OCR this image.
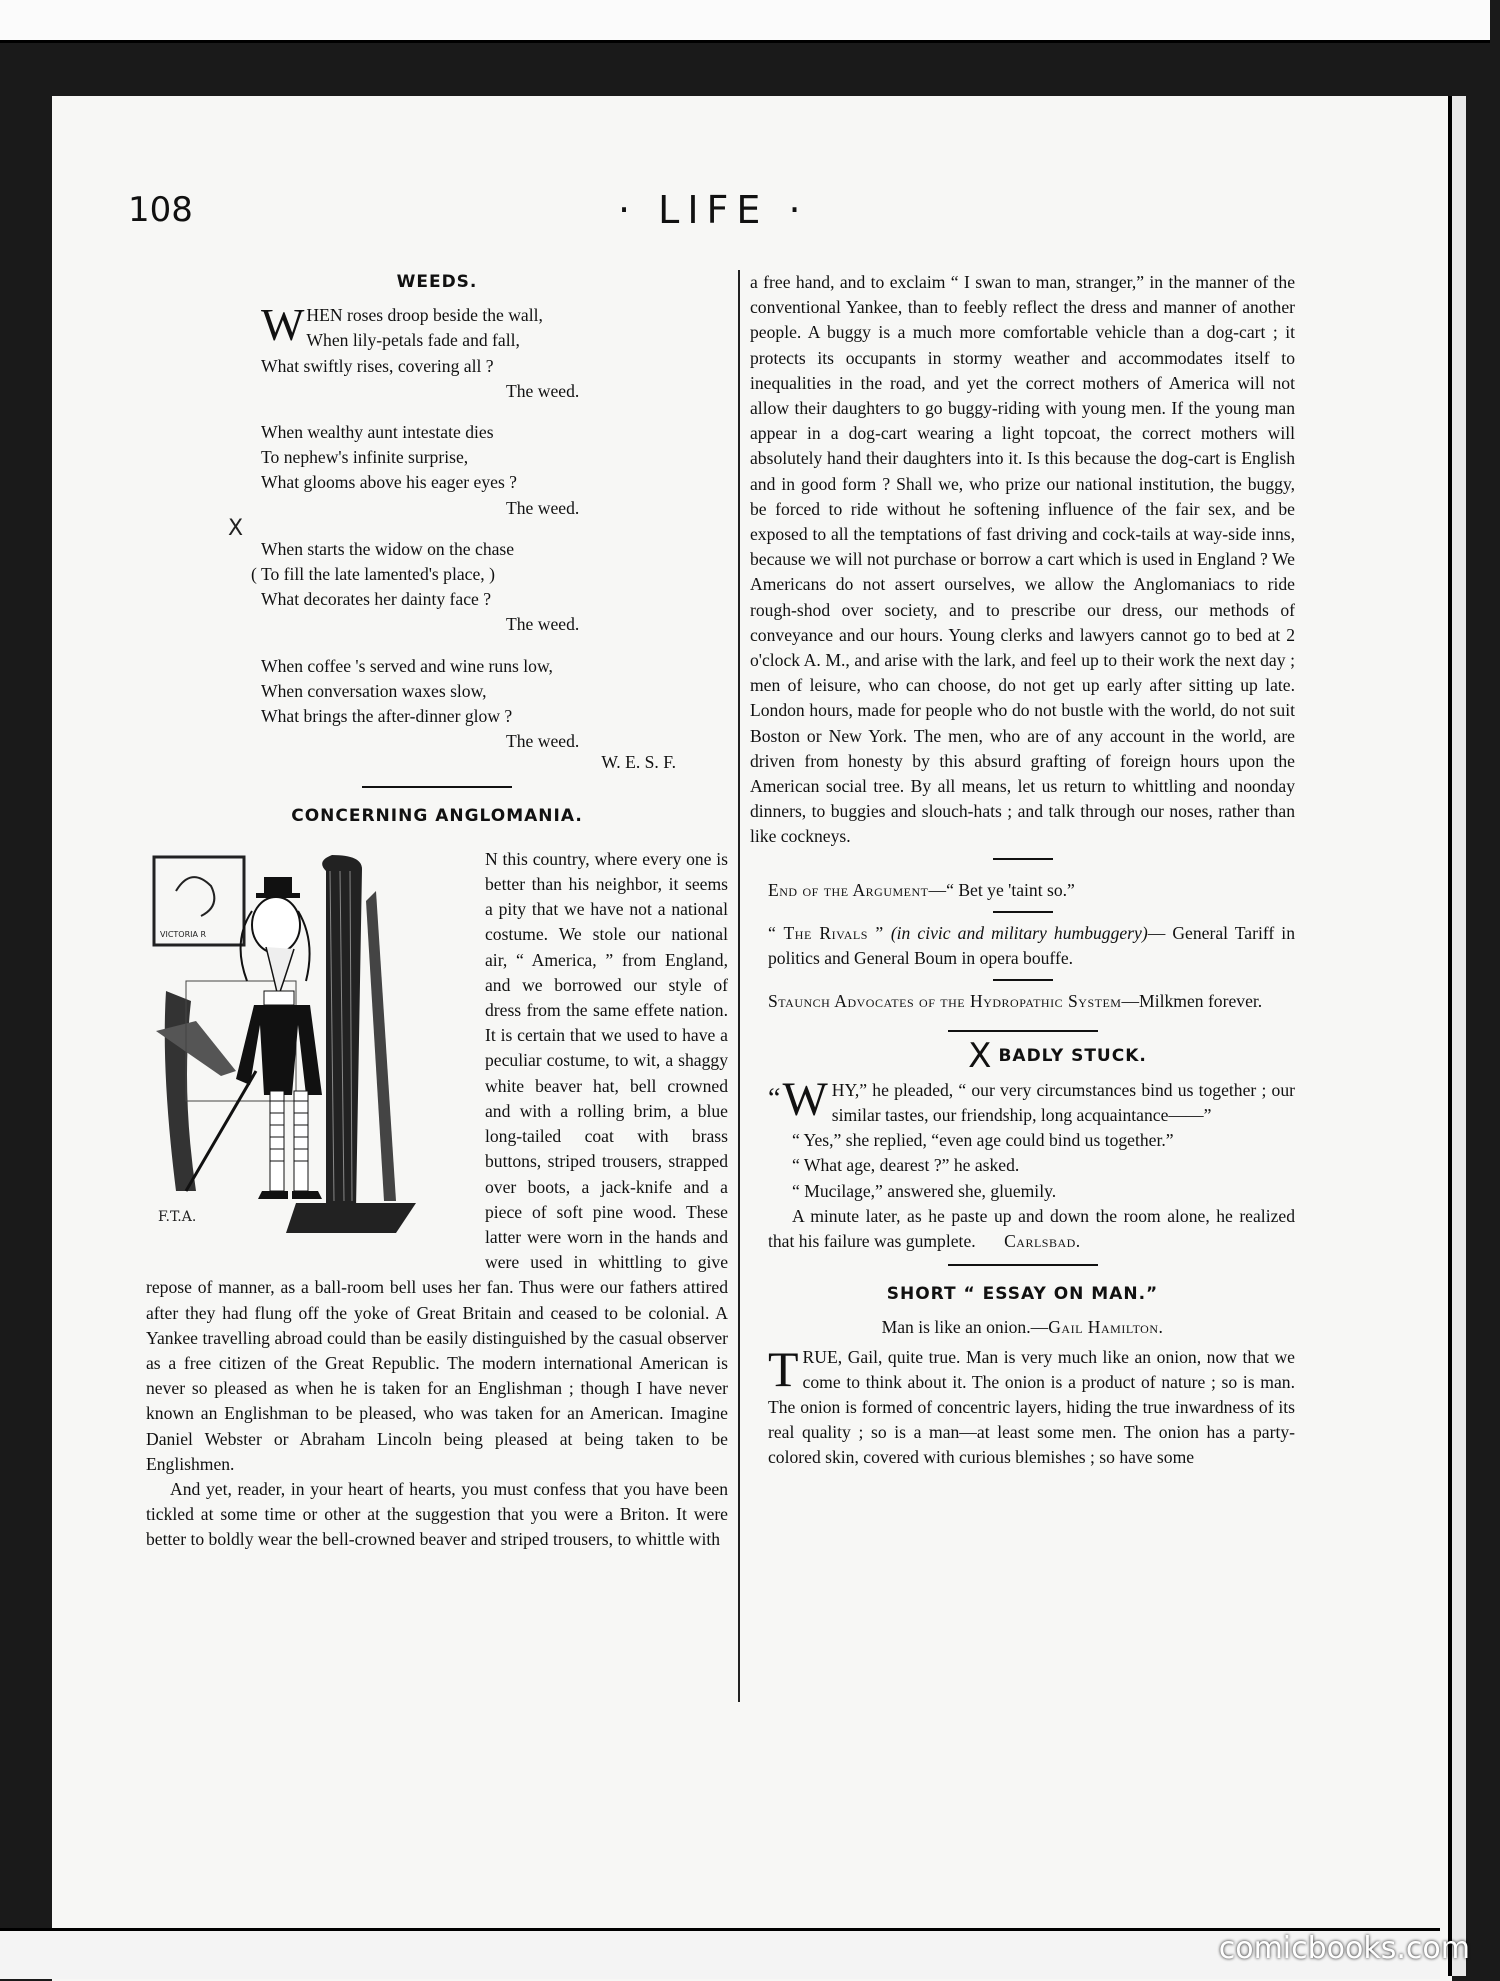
108	· LIFE ·
X
WEEDS.
W HEN roses droop beside the wall,
When lily-petals fade and fall,
What swiftly rises, covering all ?
The weed.
When wealthy aunt intestate dies
To nephew's infinite surprise,
What glooms above his eager eyes ?
The weed.
When starts the widow on the chase
( To fill the late lamented's place, )
What decorates her dainty face ?
The weed.
When coffee 's served and wine runs low,
When conversation waxes slow,
What brings the after-dinner glow ?
The weed.
W. E. S. F.
CONCERNING ANGLOMANIA.
VICTORIA R
F.T.A.
N this country, where every one is better than his neighbor, it seems a pity that we have not a national costume. We stole our national air, “ America, ” from England, and we borrowed our style of dress from the same effete nation. It is certain that we used to have a peculiar costume, to wit, a shaggy white beaver hat, bell crowned and with a rolling brim, a blue long-tailed coat with brass buttons, striped trousers, strapped over boots, a jack-knife and a piece of soft pine wood. These latter were worn in the hands and were used in whittling to give repose of manner, as a ball-room bell uses her fan. Thus were our fathers attired after they had flung off the yoke of Great Britain and ceased to be colonial. A Yankee travelling abroad could than be easily distinguished by the casual observer as a free citizen of the Great Republic. The modern international American is never so pleased as when he is taken for an Englishman ; though I have never known an Englishman to be pleased, who was taken for an American. Imagine Daniel Webster or Abraham Lincoln being pleased at being taken to be Englishmen.
And yet, reader, in your heart of hearts, you must confess that you have been tickled at some time or other at the suggestion that you were a Briton. It were better to boldly wear the bell-crowned beaver and striped trousers, to whittle with
a free hand, and to exclaim “ I swan to man, stranger,” in the manner of the conventional Yankee, than to feebly reflect the dress and manner of another people. A buggy is a much more comfortable vehicle than a dog-cart ; it protects its occupants in stormy weather and accommodates itself to inequalities in the road, and yet the correct mothers of America will not allow their daughters to go buggy-riding with young men. If the young man appear in a dog-cart wearing a light topcoat, the correct mothers will absolutely hand their daughters into it. Is this because the dog-cart is English and in good form ? Shall we, who prize our national institution, the buggy, be forced to ride without he softening influence of the fair sex, and be exposed to all the temptations of fast driving and cock-tails at way-side inns, because we will not purchase or borrow a cart which is used in England ? We Americans do not assert ourselves, we allow the Anglomaniacs to ride rough-shod over society, and to prescribe our dress, our methods of conveyance and our hours. Young clerks and lawyers cannot go to bed at 2 o'clock A. M., and arise with the lark, and feel up to their work the next day ; men of leisure, who can choose, do not get up early after sitting up late. London hours, made for people who do not bustle with the world, do not suit Boston or New York. The men, who are of any account in the world, are driven from honesty by this absurd grafting of foreign hours upon the American social tree. By all means, let us return to whittling and noonday dinners, to buggies and slouch-hats ; and talk through our noses, rather than like cockneys.
End of the Argument—“ Bet ye 'taint so.”
“ The Rivals ” (in civic and military humbuggery)— General Tariff in politics and General Boum in opera bouffe.
Staunch Advocates of the Hydropathic System—Milkmen forever.
XBADLY STUCK.
“ W HY,” he pleaded, “ our very circumstances bind us together ; our similar tastes, our friendship, long acquaintance——”
“ Yes,” she replied, “even age could bind us together.”
“ What age, dearest ?” he asked.
“ Mucilage,” answered she, gluemily.
A minute later, as he paste up and down the room alone, he realized that his failure was gumplete. Carlsbad.
SHORT “ ESSAY ON MAN.”
Man is like an onion.—Gail Hamilton.
T RUE, Gail, quite true. Man is very much like an onion, now that we come to think about it. The onion is a product of nature ; so is man. The onion is formed of concentric layers, hiding the true inwardness of its real quality ; so is a man—at least some men. The onion has a party-colored skin, covered with curious blemishes ; so have some
comicbooks.com
